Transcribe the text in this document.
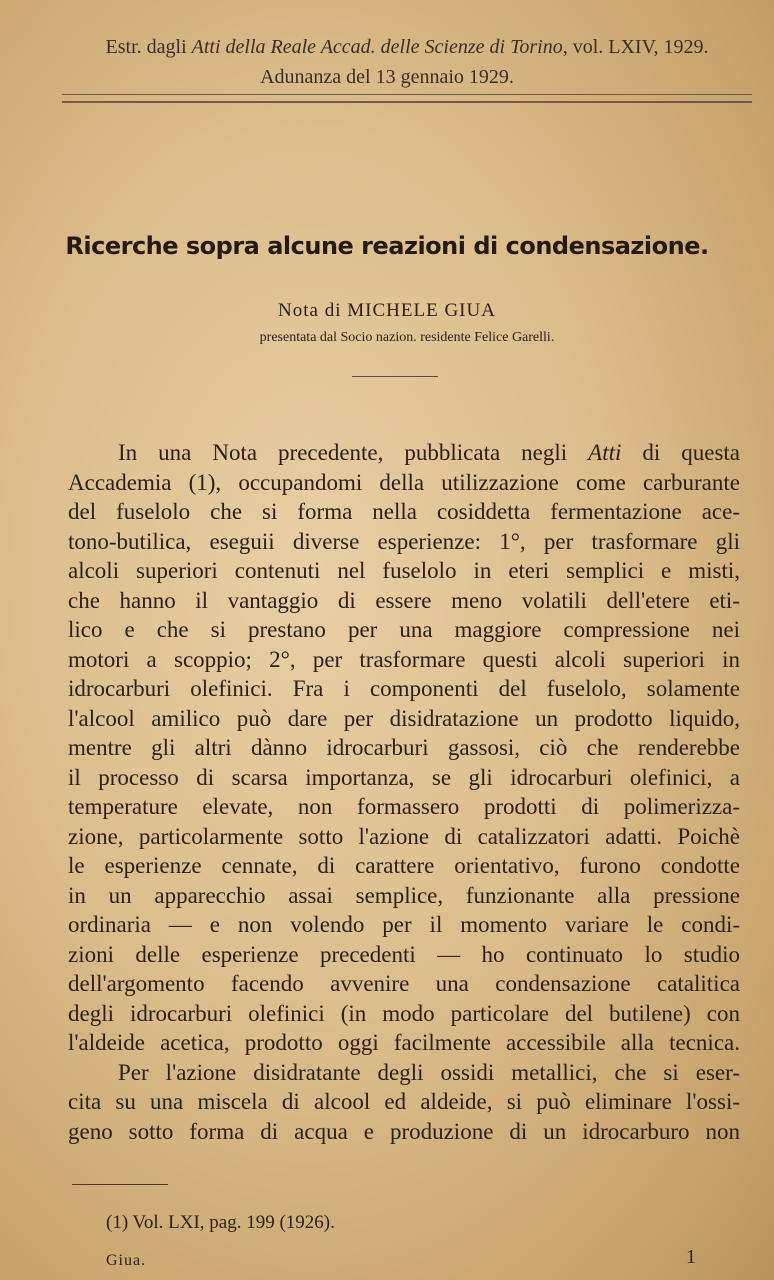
Estr. dagli Atti della Reale Accad. delle Scienze di Torino, vol. LXIV, 1929.
Adunanza del 13 gennaio 1929.
Ricerche sopra alcune reazioni di condensazione.
Nota di MICHELE GIUA
presentata dal Socio nazion. residente Felice Garelli.
In una Nota precedente, pubblicata negli Atti di questa
Accademia (1), occupandomi della utilizzazione come carburante
del fuselolo che si forma nella cosiddetta fermentazione ace-
tono-butilica, eseguii diverse esperienze: 1°, per trasformare gli
alcoli superiori contenuti nel fuselolo in eteri semplici e misti,
che hanno il vantaggio di essere meno volatili dell'etere eti-
lico e che si prestano per una maggiore compressione nei
motori a scoppio; 2°, per trasformare questi alcoli superiori in
idrocarburi olefinici. Fra i componenti del fuselolo, solamente
l'alcool amilico può dare per disidratazione un prodotto liquido,
mentre gli altri dànno idrocarburi gassosi, ciò che renderebbe
il processo di scarsa importanza, se gli idrocarburi olefinici, a
temperature elevate, non formassero prodotti di polimerizza-
zione, particolarmente sotto l'azione di catalizzatori adatti. Poichè
le esperienze cennate, di carattere orientativo, furono condotte
in un apparecchio assai semplice, funzionante alla pressione
ordinaria — e non volendo per il momento variare le condi-
zioni delle esperienze precedenti — ho continuato lo studio
dell'argomento facendo avvenire una condensazione catalitica
degli idrocarburi olefinici (in modo particolare del butilene) con
l'aldeide acetica, prodotto oggi facilmente accessibile alla tecnica.
Per l'azione disidratante degli ossidi metallici, che si eser-
cita su una miscela di alcool ed aldeide, si può eliminare l'ossi-
geno sotto forma di acqua e produzione di un idrocarburo non
(1) Vol. LXI, pag. 199 (1926).
Giua.	1
